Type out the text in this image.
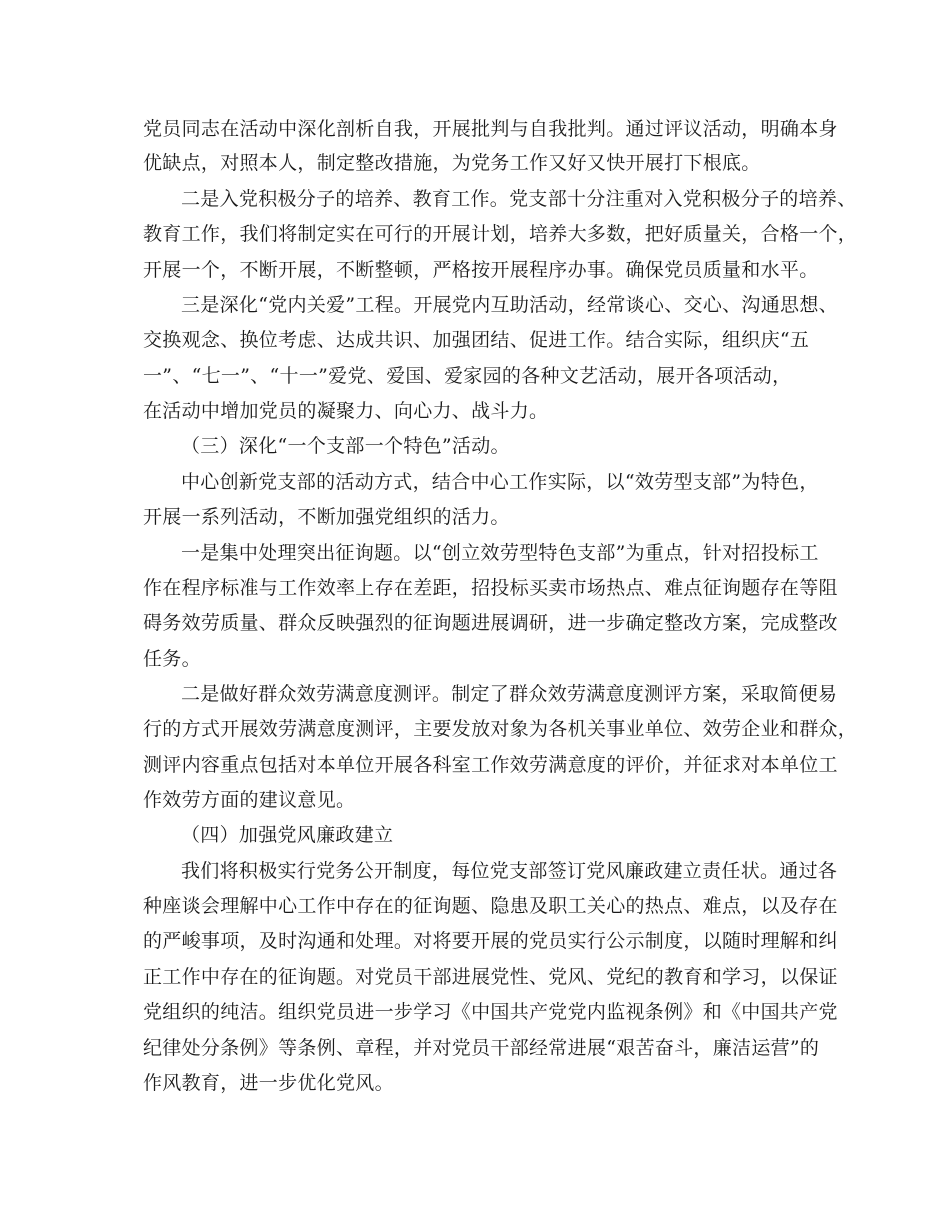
党员同志在活动中深化剖析自我，开展批判与自我批判。通过评议活动，明确本身
优缺点，对照本人，制定整改措施，为党务工作又好又快开展打下根底。
二是入党积极分子的培养、教育工作。党支部十分注重对入党积极分子的培养、
教育工作，我们将制定实在可行的开展计划，培养大多数，把好质量关，合格一个，
开展一个，不断开展，不断整顿，严格按开展程序办事。确保党员质量和水平。
三是深化“党内关爱”工程。开展党内互助活动，经常谈心、交心、沟通思想、
交换观念、换位考虑、达成共识、加强团结、促进工作。结合实际，组织庆“五
一”、“七一”、“十一”爱党、爱国、爱家园的各种文艺活动，展开各项活动，
在活动中增加党员的凝聚力、向心力、战斗力。
（三）深化“一个支部一个特色”活动。
中心创新党支部的活动方式，结合中心工作实际，以“效劳型支部”为特色，
开展一系列活动，不断加强党组织的活力。
一是集中处理突出征询题。以“创立效劳型特色支部”为重点，针对招投标工
作在程序标准与工作效率上存在差距，招投标买卖市场热点、难点征询题存在等阻
碍务效劳质量、群众反映强烈的征询题进展调研，进一步确定整改方案，完成整改
任务。
二是做好群众效劳满意度测评。制定了群众效劳满意度测评方案，采取简便易
行的方式开展效劳满意度测评，主要发放对象为各机关事业单位、效劳企业和群众，
测评内容重点包括对本单位开展各科室工作效劳满意度的评价，并征求对本单位工
作效劳方面的建议意见。
（四）加强党风廉政建立
我们将积极实行党务公开制度，每位党支部签订党风廉政建立责任状。通过各
种座谈会理解中心工作中存在的征询题、隐患及职工关心的热点、难点，以及存在
的严峻事项，及时沟通和处理。对将要开展的党员实行公示制度，以随时理解和纠
正工作中存在的征询题。对党员干部进展党性、党风、党纪的教育和学习，以保证
党组织的纯洁。组织党员进一步学习《中国共产党党内监视条例》和《中国共产党
纪律处分条例》等条例、章程，并对党员干部经常进展“艰苦奋斗，廉洁运营”的
作风教育，进一步优化党风。
